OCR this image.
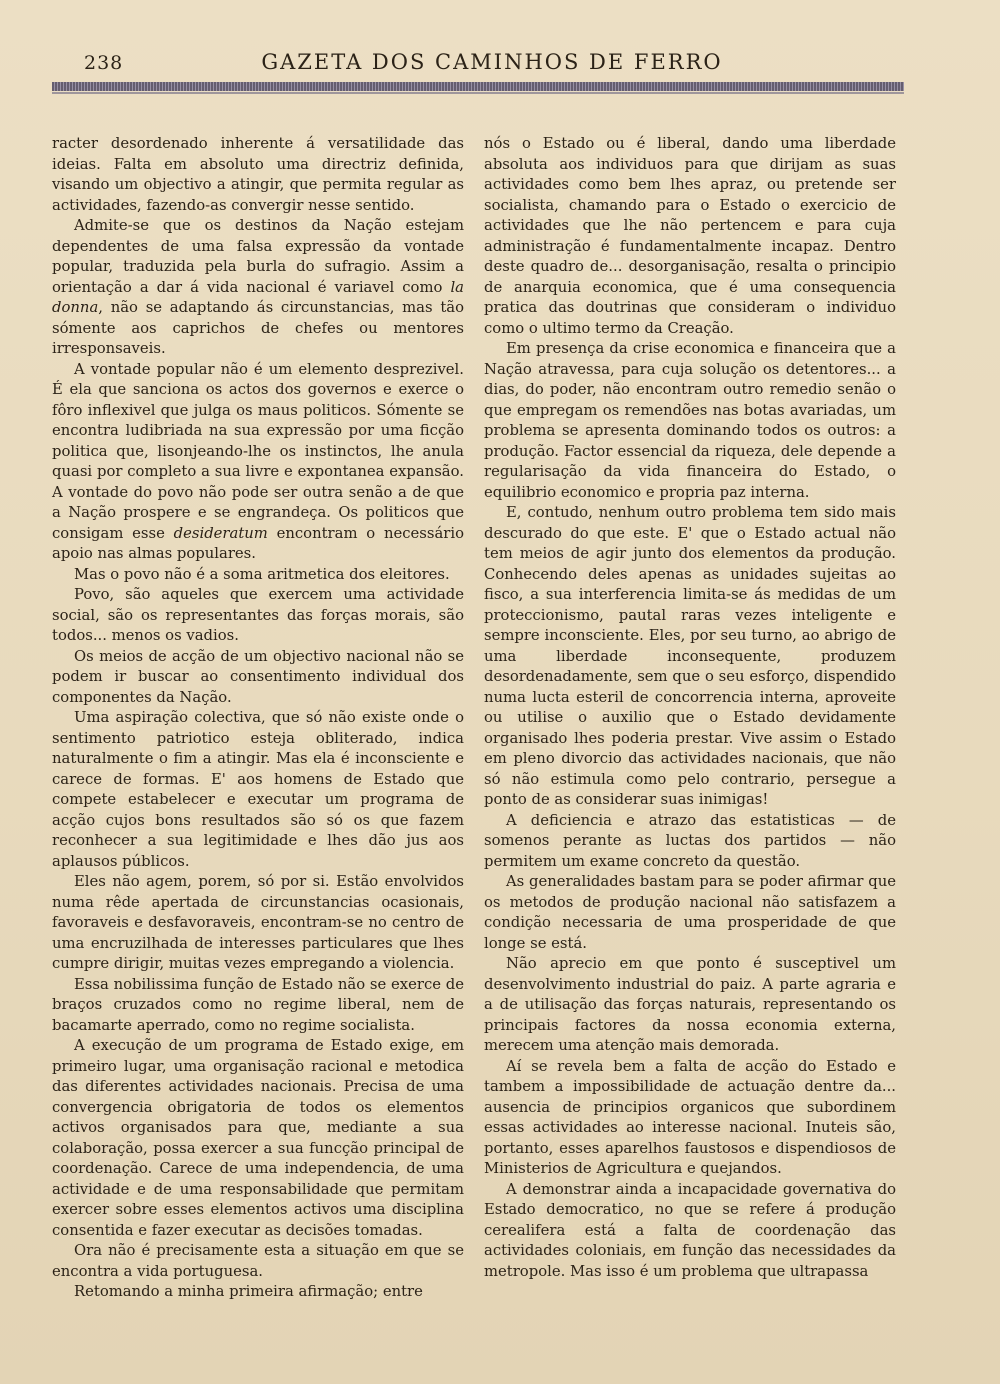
238	GAZETA DOS CAMINHOS DE FERRO

racter desordenado inherente á versatilidade das ideias. Falta em absoluto uma directriz definida, visando um objectivo a atingir, que permita regular as actividades, fazendo-as convergir nesse sentido.

Admite-se que os destinos da Nação estejam dependentes de uma falsa expressão da vontade popular, traduzida pela burla do sufragio. Assim a orientação a dar á vida nacional é variavel como la donna, não se adaptando ás circunstancias, mas tão sómente aos caprichos de chefes ou mentores irresponsaveis.

A vontade popular não é um elemento desprezivel. É ela que sanciona os actos dos governos e exerce o fôro inflexivel que julga os maus politicos. Sómente se encontra ludibriada na sua expressão por uma ficção politica que, lisonjeando-lhe os instinctos, lhe anula quasi por completo a sua livre e expontanea expansão. A vontade do povo não pode ser outra senão a de que a Nação prospere e se engrandeça. Os politicos que consigam esse desideratum encontram o necessário apoio nas almas populares.

Mas o povo não é a soma aritmetica dos eleitores.

Povo, são aqueles que exercem uma actividade social, são os representantes das forças morais, são todos... menos os vadios.

Os meios de acção de um objectivo nacional não se podem ir buscar ao consentimento individual dos componentes da Nação.

Uma aspiração colectiva, que só não existe onde o sentimento patriotico esteja obliterado, indica naturalmente o fim a atingir. Mas ela é inconsciente e carece de formas. E' aos homens de Estado que compete estabelecer e executar um programa de acção cujos bons resultados são só os que fazem reconhecer a sua legitimidade e lhes dão jus aos aplausos públicos.

Eles não agem, porem, só por si. Estão envolvidos numa rêde apertada de circunstancias ocasionais, favoraveis e desfavoraveis, encontram-se no centro de uma encruzilhada de interesses particulares que lhes cumpre dirigir, muitas vezes empregando a violencia.

Essa nobilissima função de Estado não se exerce de braços cruzados como no regime liberal, nem de bacamarte aperrado, como no regime socialista.

A execução de um programa de Estado exige, em primeiro lugar, uma organisação racional e metodica das diferentes actividades nacionais. Precisa de uma convergencia obrigatoria de todos os elementos activos organisados para que, mediante a sua colaboração, possa exercer a sua funcção principal de coordenação. Carece de uma independencia, de uma actividade e de uma responsabilidade que permitam exercer sobre esses elementos activos uma disciplina consentida e fazer executar as decisões tomadas.

Ora não é precisamente esta a situação em que se encontra a vida portuguesa.

Retomando a minha primeira afirmação; entre

nós o Estado ou é liberal, dando uma liberdade absoluta aos individuos para que dirijam as suas actividades como bem lhes apraz, ou pretende ser socialista, chamando para o Estado o exercicio de actividades que lhe não pertencem e para cuja administração é fundamentalmente incapaz. Dentro deste quadro de... desorganisação, resalta o principio de anarquia economica, que é uma consequencia pratica das doutrinas que consideram o individuo como o ultimo termo da Creação.

Em presença da crise economica e financeira que a Nação atravessa, para cuja solução os detentores... a dias, do poder, não encontram outro remedio senão o que empregam os remendões nas botas avariadas, um problema se apresenta dominando todos os outros: a produção. Factor essencial da riqueza, dele depende a regularisação da vida financeira do Estado, o equilibrio economico e propria paz interna.

E, contudo, nenhum outro problema tem sido mais descurado do que este. E' que o Estado actual não tem meios de agir junto dos elementos da produção. Conhecendo deles apenas as unidades sujeitas ao fisco, a sua interferencia limita-se ás medidas de um proteccionismo, pautal raras vezes inteligente e sempre inconsciente. Eles, por seu turno, ao abrigo de uma liberdade inconsequente, produzem desordenadamente, sem que o seu esforço, dispendido numa lucta esteril de concorrencia interna, aproveite ou utilise o auxilio que o Estado devidamente organisado lhes poderia prestar. Vive assim o Estado em pleno divorcio das actividades nacionais, que não só não estimula como pelo contrario, persegue a ponto de as considerar suas inimigas!

A deficiencia e atrazo das estatisticas — de somenos perante as luctas dos partidos — não permitem um exame concreto da questão.

As generalidades bastam para se poder afirmar que os metodos de produção nacional não satisfazem a condição necessaria de uma prosperidade de que longe se está.

Não aprecio em que ponto é susceptivel um desenvolvimento industrial do paiz. A parte agraria e a de utilisação das forças naturais, representando os principais factores da nossa economia externa, merecem uma atenção mais demorada.

Aí se revela bem a falta de acção do Estado e tambem a impossibilidade de actuação dentre da... ausencia de principios organicos que subordinem essas actividades ao interesse nacional. Inuteis são, portanto, esses aparelhos faustosos e dispendiosos de Ministerios de Agricultura e quejandos.

A demonstrar ainda a incapacidade governativa do Estado democratico, no que se refere á produção cerealifera está a falta de coordenação das actividades coloniais, em função das necessidades da metropole. Mas isso é um problema que ultrapassa
